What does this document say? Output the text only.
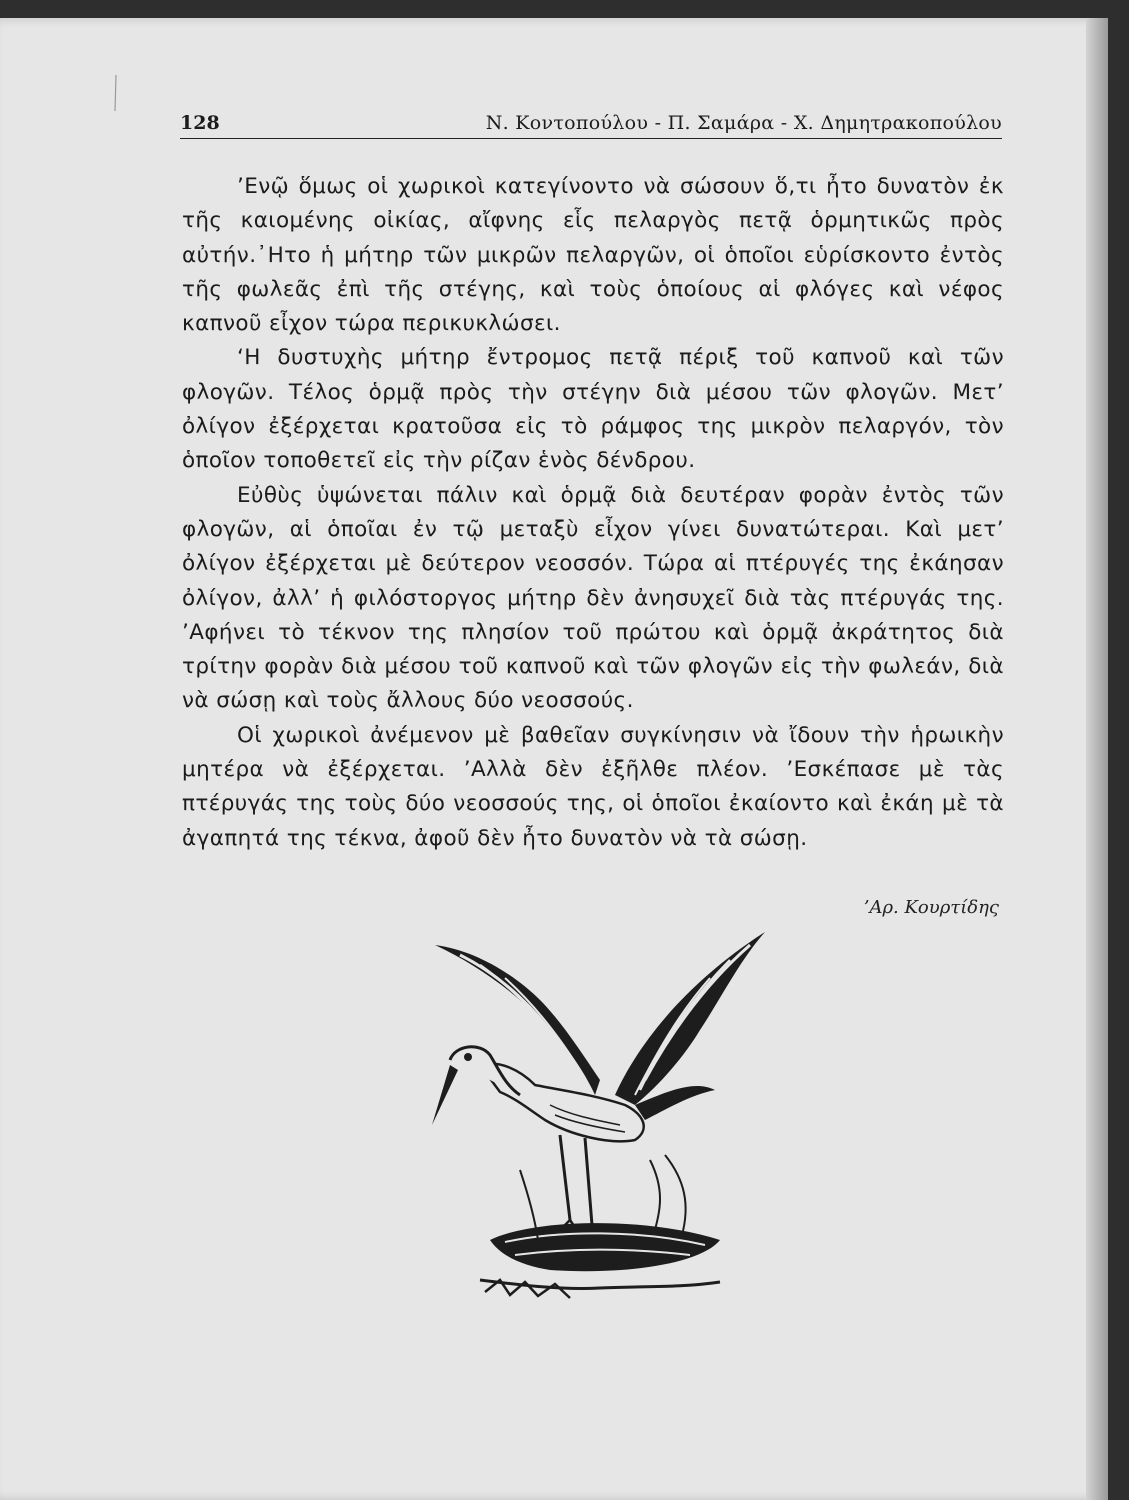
128	Ν. Κοντοπούλου - Π. Σαμάρα - Χ. Δημητρακοπούλου

’Ενῷ ὅμως οἱ χωρικοὶ κατεγίνοντο νὰ σώσουν ὅ,τι ἦτο δυνατὸν ἐκ τῆς καιομένης οἰκίας, αἴφνης εἷς πελαργὸς πετᾷ ὁρμητικῶς πρὸς αὐτήν.᾿Ητο ἡ μήτηρ τῶν μικρῶν πελαργῶν, οἱ ὁποῖοι εὑρίσκοντο ἐντὸς τῆς φωλεᾶς ἐπὶ τῆς στέγης, καὶ τοὺς ὁποίους αἱ φλόγες καὶ νέφος καπνοῦ εἶχον τώρα περικυκλώσει.

‘Η δυστυχὴς μήτηρ ἔντρομος πετᾷ πέριξ τοῦ καπνοῦ καὶ τῶν φλογῶν. Τέλος ὁρμᾷ πρὸς τὴν στέγην διὰ μέσου τῶν φλογῶν. Μετ’ ὀλίγον ἐξέρχεται κρατοῦσα εἰς τὸ ράμφος της μικρὸν πελαργόν, τὸν ὁποῖον τοποθετεῖ εἰς τὴν ρίζαν ἑνὸς δένδρου.

Εὐθὺς ὑψώνεται πάλιν καὶ ὁρμᾷ διὰ δευτέραν φορὰν ἐντὸς τῶν φλογῶν, αἱ ὁποῖαι ἐν τῷ μεταξὺ εἶχον γίνει δυνατώτεραι. Καὶ μετ’ ὀλίγον ἐξέρχεται μὲ δεύτερον νεοσσόν. Τώρα αἱ πτέρυγές της ἐκάησαν ὀλίγον, ἀλλ’ ἡ φιλόστοργος μήτηρ δὲν ἀνησυχεῖ διὰ τὰς πτέρυγάς της. ’Αφήνει τὸ τέκνον της πλησίον τοῦ πρώτου καὶ ὁρμᾷ ἀκράτητος διὰ τρίτην φορὰν διὰ μέσου τοῦ καπνοῦ καὶ τῶν φλογῶν εἰς τὴν φωλεάν, διὰ νὰ σώσῃ καὶ τοὺς ἄλλους δύο νεοσσούς.

Οἱ χωρικοὶ ἀνέμενον μὲ βαθεῖαν συγκίνησιν νὰ ἴδουν τὴν ἡρωικὴν μητέρα νὰ ἐξέρχεται. ’Αλλὰ δὲν ἐξῆλθε πλέον. ’Εσκέπασε μὲ τὰς πτέρυγάς της τοὺς δύο νεοσσούς της, οἱ ὁποῖοι ἐκαίοντο καὶ ἐκάη μὲ τὰ ἀγαπητά της τέκνα, ἀφοῦ δὲν ἦτο δυνατὸν νὰ τὰ σώσῃ.

’Αρ. Κουρτίδης
